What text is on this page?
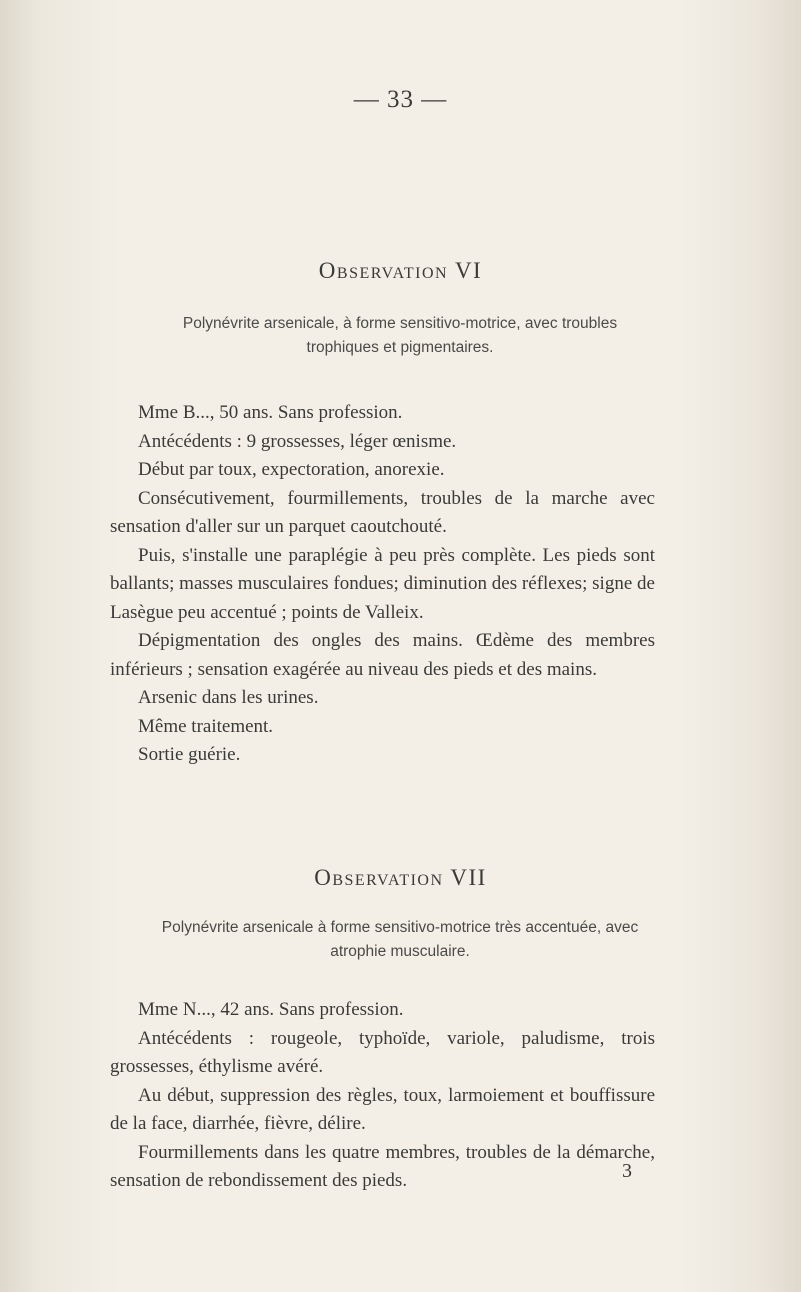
— 33 —
Observation VI
Polynévrite arsenicale, à forme sensitivo-motrice, avec troubles trophiques et pigmentaires.

Mme B..., 50 ans. Sans profession.

Antécédents : 9 grossesses, léger œnisme.

Début par toux, expectoration, anorexie.

Consécutivement, fourmillements, troubles de la marche avec sensation d'aller sur un parquet caoutchouté.

Puis, s'installe une paraplégie à peu près complète. Les pieds sont ballants; masses musculaires fondues; diminution des réflexes; signe de Lasègue peu accentué ; points de Valleix.

Dépigmentation des ongles des mains. Œdème des membres inférieurs ; sensation exagérée au niveau des pieds et des mains.

Arsenic dans les urines.

Même traitement.

Sortie guérie.

Observation VII
Polynévrite arsenicale à forme sensitivo-motrice très accentuée, avec atrophie musculaire.

Mme N..., 42 ans. Sans profession.

Antécédents : rougeole, typhoïde, variole, paludisme, trois grossesses, éthylisme avéré.

Au début, suppression des règles, toux, larmoiement et bouffissure de la face, diarrhée, fièvre, délire.

Fourmillements dans les quatre membres, troubles de la démarche, sensation de rebondissement des pieds.	3
